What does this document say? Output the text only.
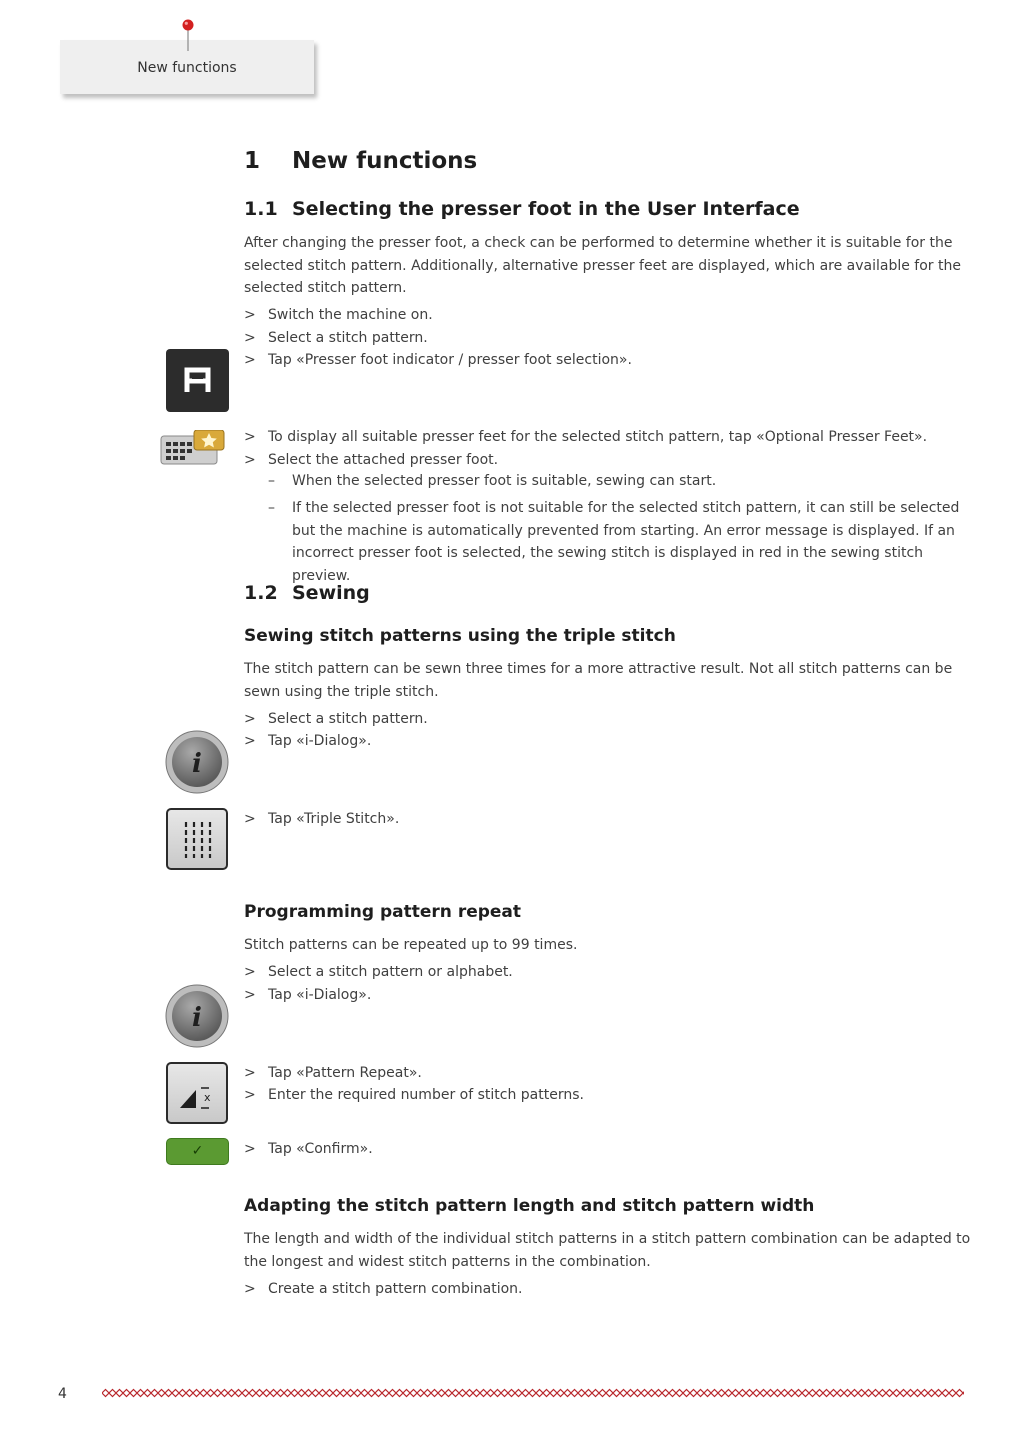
New functions
1 New functions
1.1 Selecting the presser foot in the User Interface

After changing the presser foot, a check can be performed to determine whether it is suitable for the selected stitch pattern. Additionally, alternative presser feet are displayed, which are available for the selected stitch pattern.

> Switch the machine on.
> Select a stitch pattern.
> Tap «Presser foot indicator / presser foot selection».
> To display all suitable presser feet for the selected stitch pattern, tap «Optional Presser Feet».
> Select the attached presser foot.
– When the selected presser foot is suitable, sewing can start.
– If the selected presser foot is not suitable for the selected stitch pattern, it can still be selected but the machine is automatically prevented from starting. An error message is displayed. If an incorrect presser foot is selected, the sewing stitch is displayed in red in the sewing stitch preview.
1.2 Sewing
Sewing stitch patterns using the triple stitch

The stitch pattern can be sewn three times for a more attractive result. Not all stitch patterns can be sewn using the triple stitch.

> Select a stitch pattern.
> Tap «i-Dialog».
i
> Tap «Triple Stitch».
Programming pattern repeat

Stitch patterns can be repeated up to 99 times.

> Select a stitch pattern or alphabet.
> Tap «i-Dialog».
i
x
> Tap «Pattern Repeat».
> Enter the required number of stitch patterns.
✓	> Tap «Confirm».
Adapting the stitch pattern length and stitch pattern width

The length and width of the individual stitch patterns in a stitch pattern combination can be adapted to the longest and widest stitch patterns in the combination.

> Create a stitch pattern combination.
4
